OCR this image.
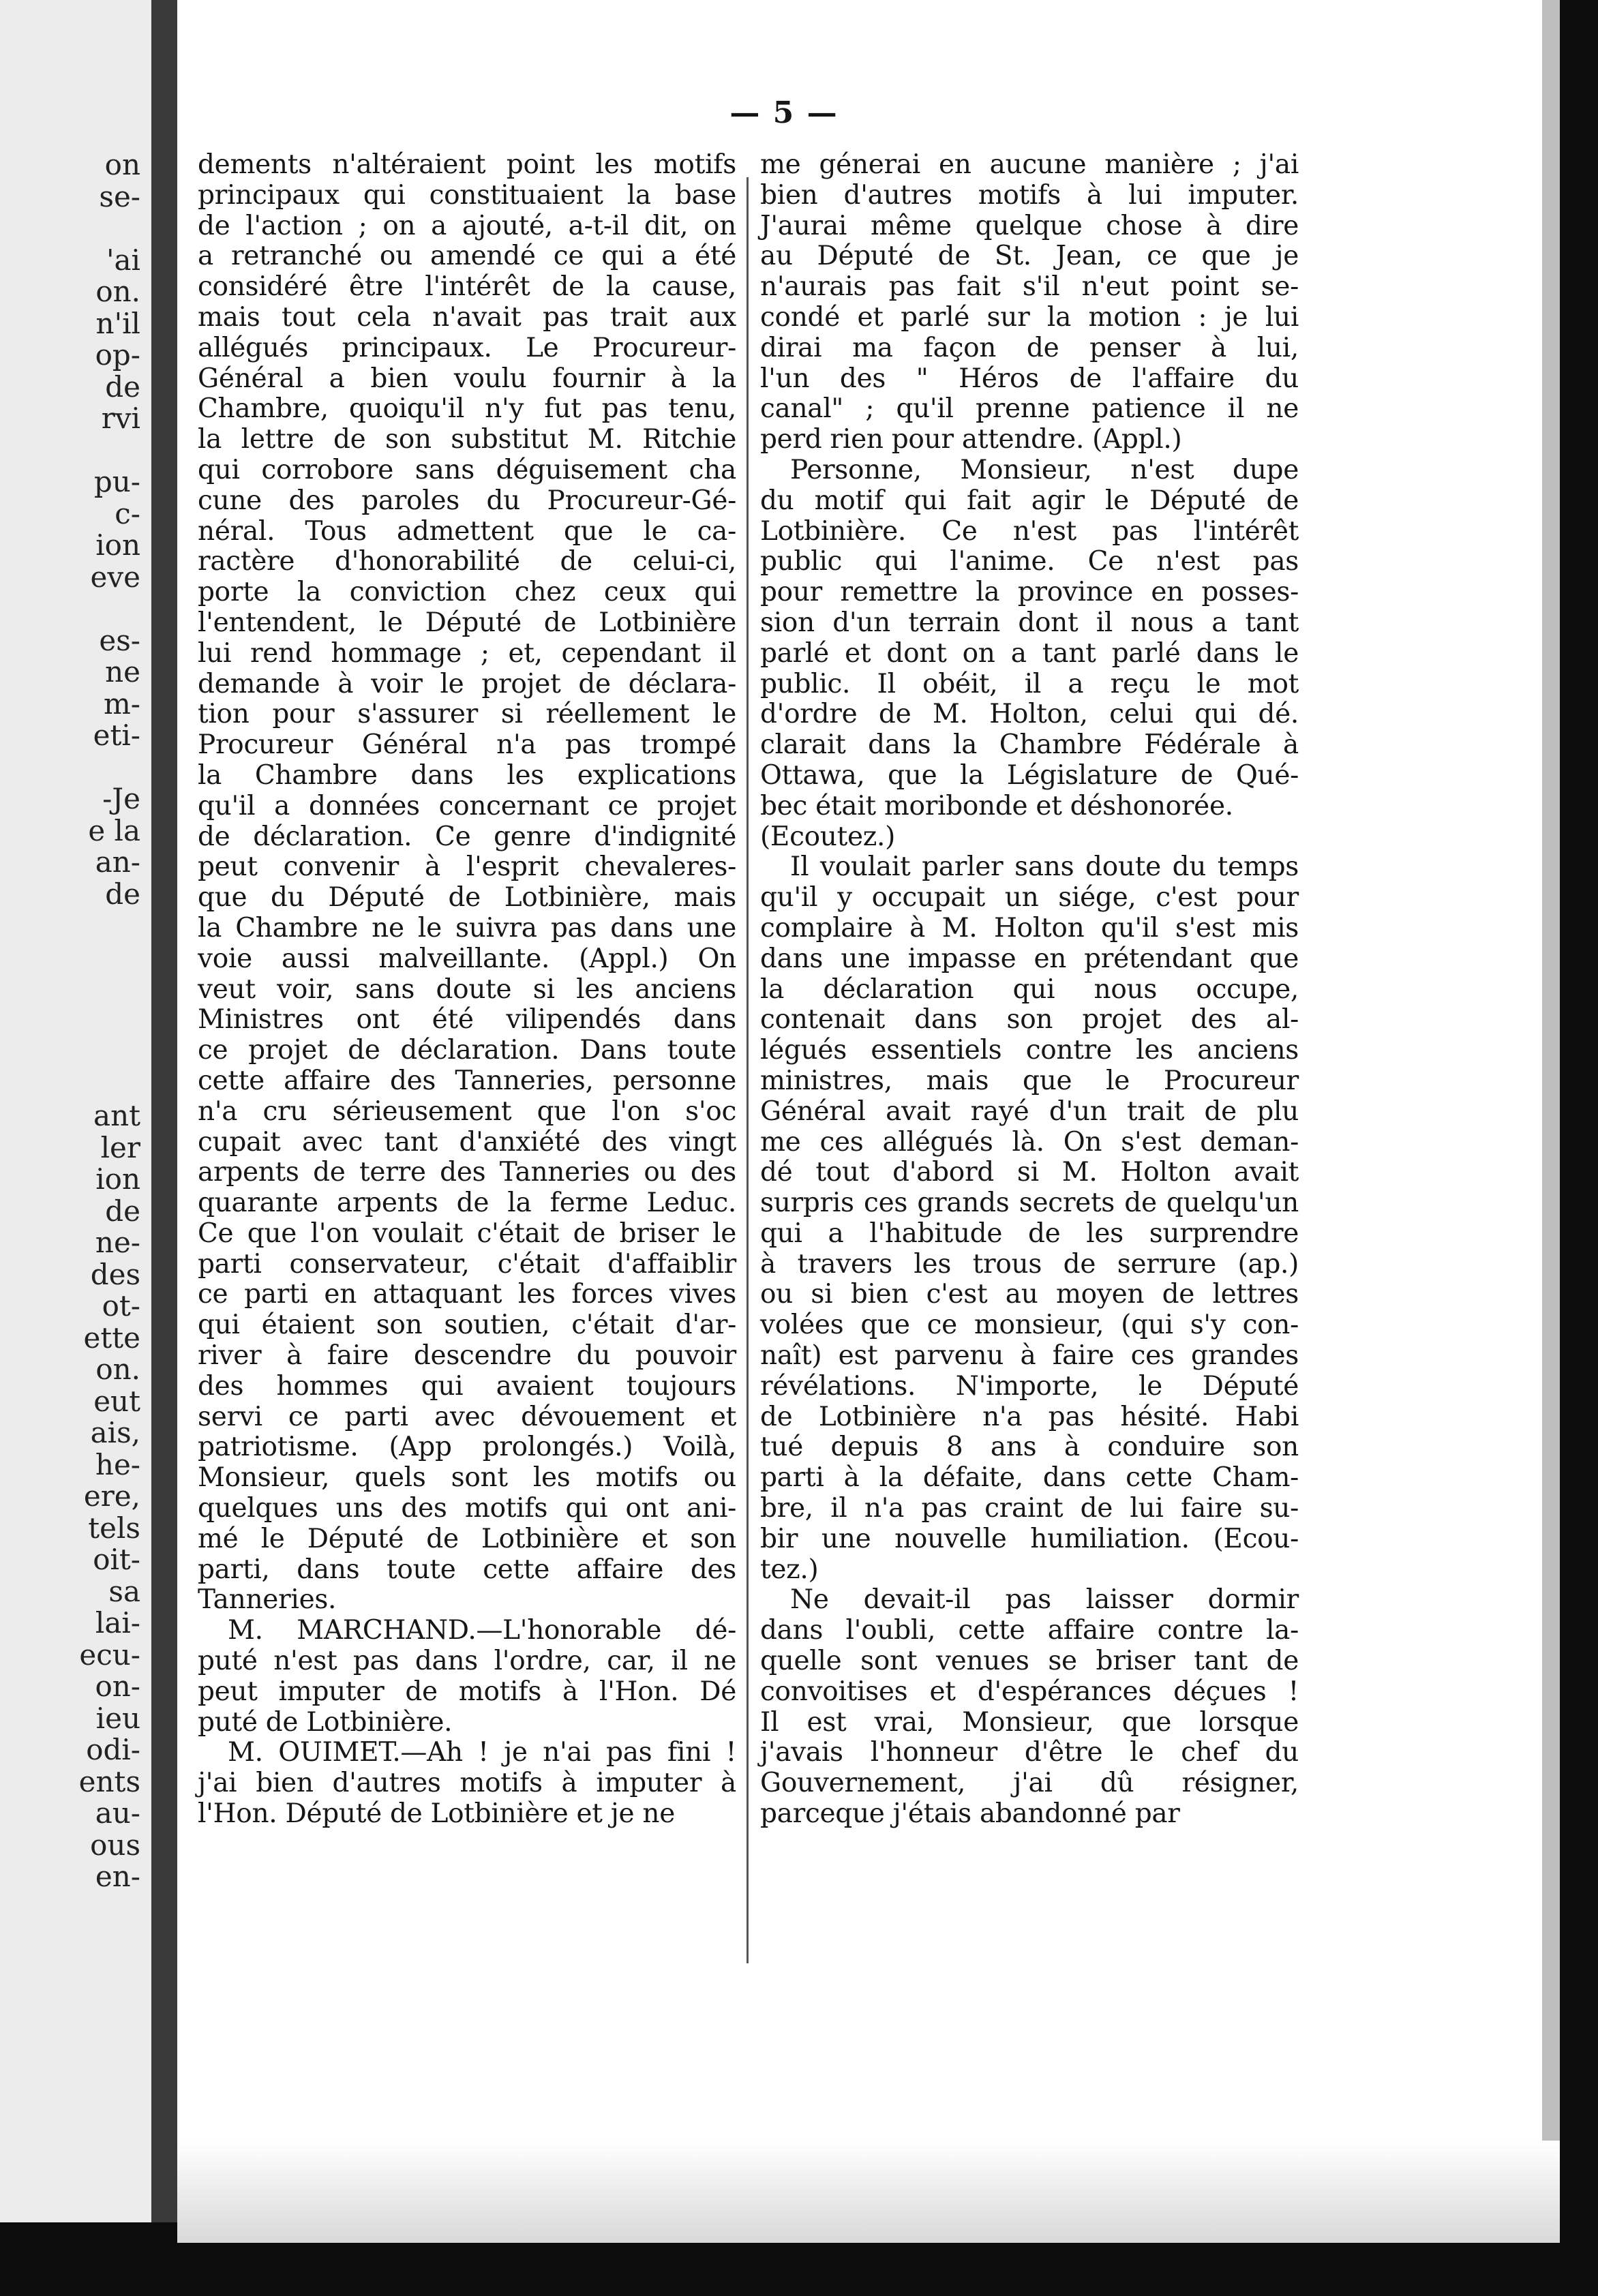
on
se-
'ai
on.
n'il
op-
de
rvi
pu-
c-
ion
eve
es-
ne
m-
eti-
-Je
e la
an-
de
ant
ler
ion
de
ne-
des
ot-
ette
on.
eut
ais,
he-
ere,
tels
oit-
sa
lai-
ecu-
on-
ieu
odi-
ents
au-
ous
en-
— 5 —
dements n'altéraient point les motifs
principaux qui constituaient la base
de l'action ; on a ajouté, a-t-il dit, on
a retranché ou amendé ce qui a été
considéré être l'intérêt de la cause,
mais tout cela n'avait pas trait aux
allégués principaux. Le Procureur-
Général a bien voulu fournir à la
Chambre, quoiqu'il n'y fut pas tenu,
la lettre de son substitut M. Ritchie
qui corrobore sans déguisement cha
cune des paroles du Procureur-Gé-
néral. Tous admettent que le ca-
ractère d'honorabilité de celui-ci,
porte la conviction chez ceux qui
l'entendent, le Député de Lotbinière
lui rend hommage ; et, cependant il
demande à voir le projet de déclara-
tion pour s'assurer si réellement le
Procureur Général n'a pas trompé
la Chambre dans les explications
qu'il a données concernant ce projet
de déclaration. Ce genre d'indignité
peut convenir à l'esprit chevaleres-
que du Député de Lotbinière, mais
la Chambre ne le suivra pas dans une
voie aussi malveillante. (Appl.) On
veut voir, sans doute si les anciens
Ministres ont été vilipendés dans
ce projet de déclaration. Dans toute
cette affaire des Tanneries, personne
n'a cru sérieusement que l'on s'oc
cupait avec tant d'anxiété des vingt
arpents de terre des Tanneries ou des
quarante arpents de la ferme Leduc.
Ce que l'on voulait c'était de briser le
parti conservateur, c'était d'affaiblir
ce parti en attaquant les forces vives
qui étaient son soutien, c'était d'ar-
river à faire descendre du pouvoir
des hommes qui avaient toujours
servi ce parti avec dévouement et
patriotisme. (App prolongés.) Voilà,
Monsieur, quels sont les motifs ou
quelques uns des motifs qui ont ani-
mé le Député de Lotbinière et son
parti, dans toute cette affaire des
Tanneries.
M. MARCHAND.—L'honorable dé-
puté n'est pas dans l'ordre, car, il ne
peut imputer de motifs à l'Hon. Dé
puté de Lotbinière.
M. OUIMET.—Ah ! je n'ai pas fini !
j'ai bien d'autres motifs à imputer à
l'Hon. Député de Lotbinière et je ne
me génerai en aucune manière ; j'ai
bien d'autres motifs à lui imputer.
J'aurai même quelque chose à dire
au Député de St. Jean, ce que je
n'aurais pas fait s'il n'eut point se-
condé et parlé sur la motion : je lui
dirai ma façon de penser à lui,
l'un des " Héros de l'affaire du
canal" ; qu'il prenne patience il ne
perd rien pour attendre. (Appl.)
Personne, Monsieur, n'est dupe
du motif qui fait agir le Député de
Lotbinière. Ce n'est pas l'intérêt
public qui l'anime. Ce n'est pas
pour remettre la province en posses-
sion d'un terrain dont il nous a tant
parlé et dont on a tant parlé dans le
public. Il obéit, il a reçu le mot
d'ordre de M. Holton, celui qui dé.
clarait dans la Chambre Fédérale à
Ottawa, que la Législature de Qué-
bec était moribonde et déshonorée.
(Ecoutez.)
Il voulait parler sans doute du temps
qu'il y occupait un siége, c'est pour
complaire à M. Holton qu'il s'est mis
dans une impasse en prétendant que
la déclaration qui nous occupe,
contenait dans son projet des al-
légués essentiels contre les anciens
ministres, mais que le Procureur
Général avait rayé d'un trait de plu
me ces allégués là. On s'est deman-
dé tout d'abord si M. Holton avait
surpris ces grands secrets de quelqu'un
qui a l'habitude de les surprendre
à travers les trous de serrure (ap.)
ou si bien c'est au moyen de lettres
volées que ce monsieur, (qui s'y con-
naît) est parvenu à faire ces grandes
révélations. N'importe, le Député
de Lotbinière n'a pas hésité. Habi
tué depuis 8 ans à conduire son
parti à la défaite, dans cette Cham-
bre, il n'a pas craint de lui faire su-
bir une nouvelle humiliation. (Ecou-
tez.)
Ne devait-il pas laisser dormir
dans l'oubli, cette affaire contre la-
quelle sont venues se briser tant de
convoitises et d'espérances déçues !
Il est vrai, Monsieur, que lorsque
j'avais l'honneur d'être le chef du
Gouvernement, j'ai dû résigner,
parceque j'étais abandonné par
